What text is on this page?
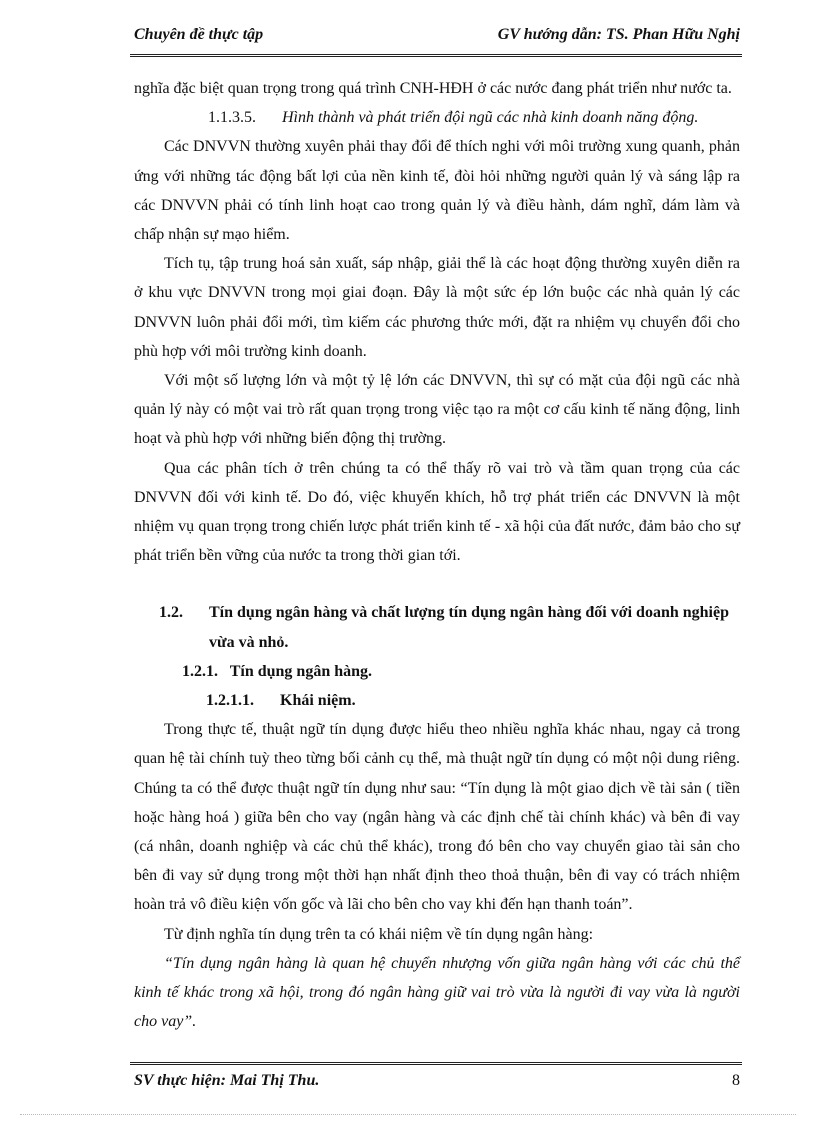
Chuyên đề thực tập	GV hướng dẫn: TS. Phan Hữu Nghị

nghĩa đặc biệt quan trọng trong quá trình CNH-HĐH ở các nước đang phát triển như nước ta.

1.1.3.5. Hình thành và phát triển đội ngũ các nhà kinh doanh năng động.

Các DNVVN thường xuyên phải thay đổi để thích nghi với môi trường xung quanh, phản ứng với những tác động bất lợi của nền kinh tế, đòi hỏi những người quản lý và sáng lập ra các DNVVN phải có tính linh hoạt cao trong quản lý và điều hành, dám nghĩ, dám làm và chấp nhận sự mạo hiểm.

Tích tụ, tập trung hoá sản xuất, sáp nhập, giải thể là các hoạt động thường xuyên diễn ra ở khu vực DNVVN trong mọi giai đoạn. Đây là một sức ép lớn buộc các nhà quản lý các DNVVN luôn phải đổi mới, tìm kiếm các phương thức mới, đặt ra nhiệm vụ chuyển đổi cho phù hợp với môi trường kinh doanh.

Với một số lượng lớn và một tỷ lệ lớn các DNVVN, thì sự có mặt của đội ngũ các nhà quản lý này có một vai trò rất quan trọng trong việc tạo ra một cơ cấu kinh tế năng động, linh hoạt và phù hợp với những biến động thị trường.

Qua các phân tích ở trên chúng ta có thể thấy rõ vai trò và tầm quan trọng của các DNVVN đối với kinh tế. Do đó, việc khuyến khích, hỗ trợ phát triển các DNVVN là một nhiệm vụ quan trọng trong chiến lược phát triển kinh tế - xã hội của đất nước, đảm bảo cho sự phát triển bền vững của nước ta trong thời gian tới.

1.2. Tín dụng ngân hàng và chất lượng tín dụng ngân hàng đối với doanh nghiệp vừa và nhỏ.
1.2.1. Tín dụng ngân hàng.
1.2.1.1. Khái niệm.

Trong thực tế, thuật ngữ tín dụng được hiểu theo nhiều nghĩa khác nhau, ngay cả trong quan hệ tài chính tuỳ theo từng bối cảnh cụ thể, mà thuật ngữ tín dụng có một nội dung riêng. Chúng ta có thể được thuật ngữ tín dụng như sau: “Tín dụng là một giao dịch về tài sản ( tiền hoặc hàng hoá ) giữa bên cho vay (ngân hàng và các định chế tài chính khác) và bên đi vay (cá nhân, doanh nghiệp và các chủ thể khác), trong đó bên cho vay chuyển giao tài sản cho bên đi vay sử dụng trong một thời hạn nhất định theo thoả thuận, bên đi vay có trách nhiệm hoàn trả vô điều kiện vốn gốc và lãi cho bên cho vay khi đến hạn thanh toán”.

Từ định nghĩa tín dụng trên ta có khái niệm về tín dụng ngân hàng:

“Tín dụng ngân hàng là quan hệ chuyển nhượng vốn giữa ngân hàng với các chủ thể kinh tế khác trong xã hội, trong đó ngân hàng giữ vai trò vừa là người đi vay vừa là người cho vay”.

SV thực hiện: Mai Thị Thu.	8
